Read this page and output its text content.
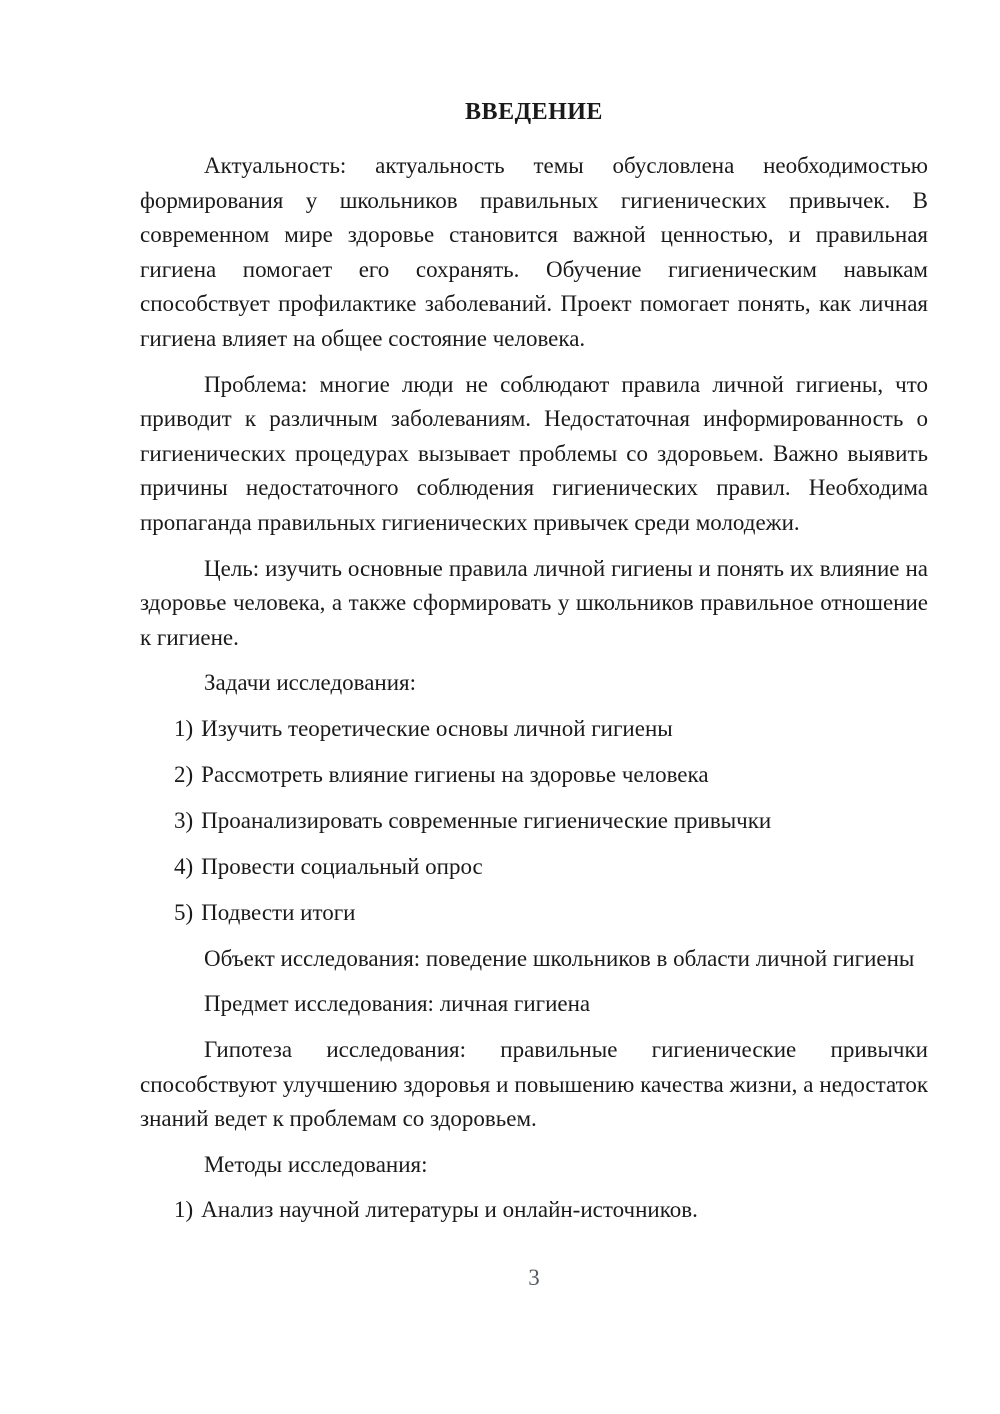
ВВЕДЕНИЕ

Актуальность: актуальность темы обусловлена необходимостью формирования у школьников правильных гигиенических привычек. В современном мире здоровье становится важной ценностью, и правильная гигиена помогает его сохранять. Обучение гигиеническим навыкам способствует профилактике заболеваний. Проект помогает понять, как личная гигиена влияет на общее состояние человека.

Проблема: многие люди не соблюдают правила личной гигиены, что приводит к различным заболеваниям. Недостаточная информированность о гигиенических процедурах вызывает проблемы со здоровьем. Важно выявить причины недостаточного соблюдения гигиенических правил. Необходима пропаганда правильных гигиенических привычек среди молодежи.

Цель: изучить основные правила личной гигиены и понять их влияние на здоровье человека, а также сформировать у школьников правильное отношение к гигиене.

Задачи исследования:

1) Изучить теоретические основы личной гигиены
2) Рассмотреть влияние гигиены на здоровье человека
3) Проанализировать современные гигиенические привычки
4) Провести социальный опрос
5) Подвести итоги

Объект исследования: поведение школьников в области личной гигиены

Предмет исследования: личная гигиена

Гипотеза исследования: правильные гигиенические привычки способствуют улучшению здоровья и повышению качества жизни, а недостаток знаний ведет к проблемам со здоровьем.

Методы исследования:

1) Анализ научной литературы и онлайн-источников.
3
